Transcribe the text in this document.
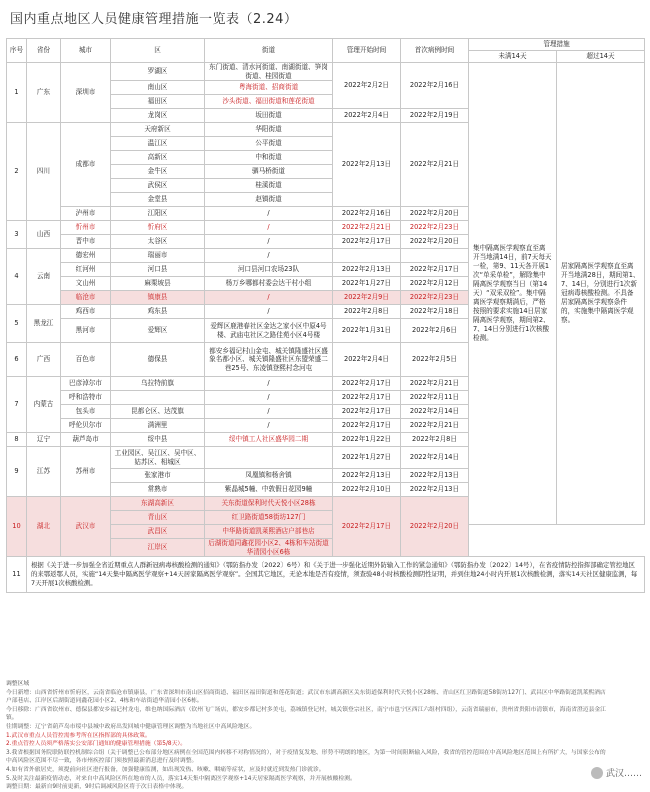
国内重点地区人员健康管理措施一览表（2.24）
序号	省份	城市	区	街道	管理开始时间	首次病例时间	管理措施	
							未满14天	超过14天
1	广东	深圳市	罗湖区	东门街道、清水河街道、南湖街道、笋岗街道、桂园街道	2022年2月2日	2022年2月16日	集中隔离医学观察直至离开当地满14日，前7天每天一检，第9、11天各开展1次“单采单检”，解除集中隔离医学观察当日（第14天）“双采双检”。集中隔离医学观察期满后，严格按照的要求实施14日居家隔离医学观察，期间第2、7、14日分别进行1次核酸检测。	居家隔离医学观察直至离开当地满28日，期间第1、7、14日，分别进行1次新冠病毒核酸检测。不具备居家隔离医学观察条件的，实施集中隔离医学观察。
			南山区	粤海街道、招商街道				
			福田区	沙头街道、福田街道和莲花街道				
			龙岗区	坂田街道	2022年2月4日	2022年2月19日		
2	四川	成都市	天府新区	华阳街道	2022年2月13日	2022年2月21日		
			温江区	公平街道				
			高新区	中和街道				
			金牛区	驷马桥街道				
			武侯区	桂溪街道				
			金堂县	赵镇街道				
		泸州市	江阳区	/	2022年2月16日	2022年2月20日		
3	山西	忻州市	忻府区	/	2022年2月21日	2022年2月23日		
		晋中市	太谷区	/	2022年2月17日	2022年2月20日		
4	云南	德宏州	瑞丽市	/				
		红河州	河口县	河口县河口农场23队	2022年2月13日	2022年2月17日		
		文山州	麻栗坡县	杨万乡哪都村委会达干村小组	2022年1月27日	2022年2月12日		
		临沧市	镇康县	/	2022年2月9日	2022年2月23日		
5	黑龙江	鸡西市	鸡东县	/	2022年2月8日	2022年2月18日		
		黑河市	爱辉区	爱辉区鹿港春社区金达之家小区中原4号楼、武庙屯社区之路佳苑小区4号楼	2022年1月31日	2022年2月6日		
6	广西	百色市	德保县	都安乡福记村山金屯、城关镇隆盛社区盛象名都小区、城关镇隆盛社区东盟荣盛二巷25号、东凌镇登熙村念河屯	2022年2月4日	2022年2月5日		
7	内蒙古	巴彦淖尔市	乌拉特前旗	/	2022年2月17日	2022年2月21日		
		呼和浩特市		/	2022年2月17日	2022年2月11日		
		包头市	昆都仑区、达茂旗	/	2022年2月17日	2022年2月14日		
		呼伦贝尔市	满洲里	/	2022年2月17日	2022年2月21日		
8	辽宁	葫芦岛市	绥中县	绥中镇工人社区盛华园二期	2022年1月22日	2022年2月8日		
9	江苏	苏州市	工业园区、吴江区、吴中区、姑苏区、相城区		2022年1月27日	2022年2月14日		
			张家港市	凤凰镇和杨舍镇	2022年2月13日	2022年2月13日		
			常熟市	紫晶城5幢、中敦假日花园9幢	2022年2月10日	2022年2月13日		
10	湖北	武汉市	东湖高新区	关东街道保利时代天悦小区28栋	2022年2月17日	2022年2月20日		
			青山区	红卫路街道58街坊127门				
			武昌区	中华路街道凯莱熙酒店户部巷店				
			江岸区	后湖街道同鑫花园小区2、4栋和车站街道华清园小区6栋				
11	根据《关于进一步加强全省近期重点人群新冠病毒核酸检测的通知》（鄂防指办发〔2022〕6号）和《关于进一步强化近期外防输入工作的紧急通知》（鄂防指办发〔2022〕14号），在省疫情防控指挥部确定管控地区的来鄂返鄂人员，实施“14天集中隔离医学观察+14天居家隔离医学观察”。全国其它地区，无论本地是否有疫情，须查验48小时核酸检测阴性证明，并到住地24小时内开展1次核酸检测，落实14天社区健康监测，每7天开展1次核酸检测。							
调整区域
今日新增：山西省忻州市忻府区，云南省临沧市镇康县，广东省深圳市南山区招商街道、福田区福田街道和莲花街道；武汉市东湖高新区关东街道保利时代天悦小区28栋、青山区红卫路街道58街坊127门、武昌区中华路街道凯莱熙酒店户部巷店、江岸区后湖街道同鑫花园小区2、4栋和车站街道华清园小区6栋。
今日移除：广西省钦州市、德保县都安乡福记村龙屯，维也纳国际酒店（钦州飞广场店，都安乡都记村多美屯，荔城镇登记村，城关镇登宗社区，南宁市邕宁区西江六组村四组），云南省瑞丽市，贵州省贵阳市清镇市，海南省澄迈县金江镇。
往期调整：辽宁省葫芦岛市绥中县城中政府出发回城中健康管理区调整为当地社区中高风险地区。
1.武汉市重点人员管控需参考所在区指挥部的具体政策。
2.重点管控人员须严格落实公安部门通知的健康管理措施（第5/8天）。
3.我省根据国务院联防联控机制综合组（关于调整已公布部分地区病例在全国范围内转移不对称情况的），对于疫情复发地、形势不明朗的地区，为第一时间阻断输入风险，我省的管控范围在中高风险地区范围上有所扩大，与国家公布的中高风险区范围不尽一致，各市州疾控部门须按照最新消息进行及时调整。
4.如有省外旅居史，须提前向社区进行报备，加强健康监测，如出现发热、咳嗽、咽痛等症状，应及时就近到发热门诊就诊。
5.及时关注最新疫情动态，对来自中高风险区所在地市的人员，落实14天集中隔离医学观察+14天居家隔离医学观察，并开展核酸检测。
调整日期：最新自9时前更新，9时后调减风险区将于次日表格中体现。
武汉……
